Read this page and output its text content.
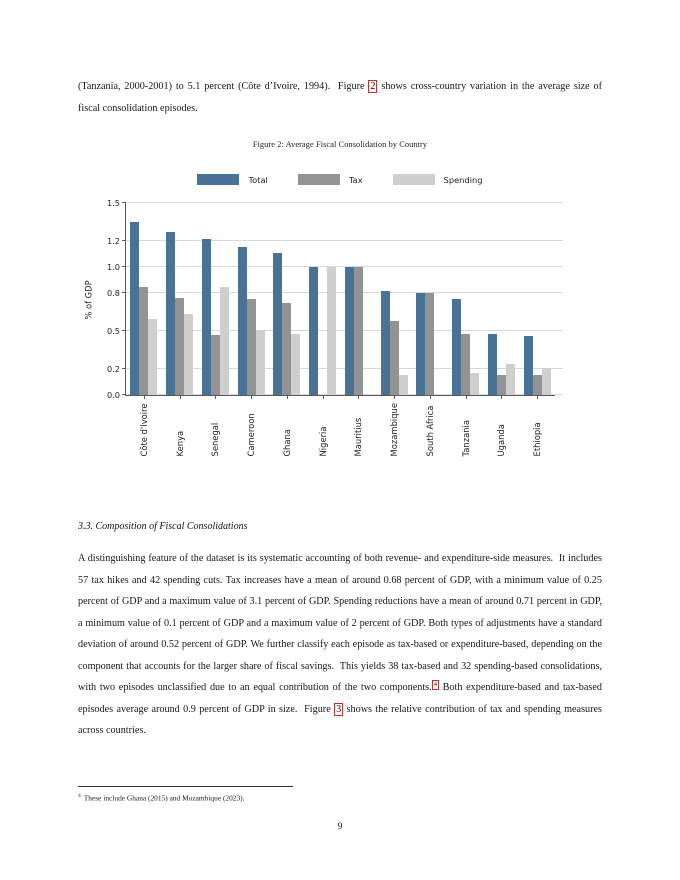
(Tanzania, 2000-2001) to 5.1 percent (Côte d’Ivoire, 1994).  Figure 2 shows cross-country variation in the average size of fiscal consolidation episodes.
Figure 2: Average Fiscal Consolidation by Country
Total	Tax	Spending
% of GDP
0.0
0.2
0.5
0.8
1.0
1.2
1.5
Côte d'Ivoire	Kenya	Senegal	Cameroon	Ghana	Nigeria	Mauritius	Mozambique	South Africa	Tanzania	Uganda	Ethiopia
3.3. Composition of Fiscal Consolidations
A distinguishing feature of the dataset is its systematic accounting of both revenue- and expenditure-side measures.  It includes 57 tax hikes and 42 spending cuts. Tax increases have a mean of around 0.68 percent of GDP, with a minimum value of 0.25 percent of GDP and a maximum value of 3.1 percent of GDP. Spending reductions have a mean of around 0.71 percent in GDP, a minimum value of 0.1 percent of GDP and a maximum value of 2 percent of GDP. Both types of adjustments have a standard deviation of around 0.52 percent of GDP. We further classify each episode as tax-based or expenditure-based, depending on the component that accounts for the larger share of fiscal savings.  This yields 38 tax-based and 32 spending-based consolidations, with two episodes unclassified due to an equal contribution of the two components. 4 Both expenditure-based and tax-based episodes average around 0.9 percent of GDP in size.  Figure 3 shows the relative contribution of tax and spending measures across countries.
$^4$ These include Ghana (2015) and Mozambique (2023).
9
